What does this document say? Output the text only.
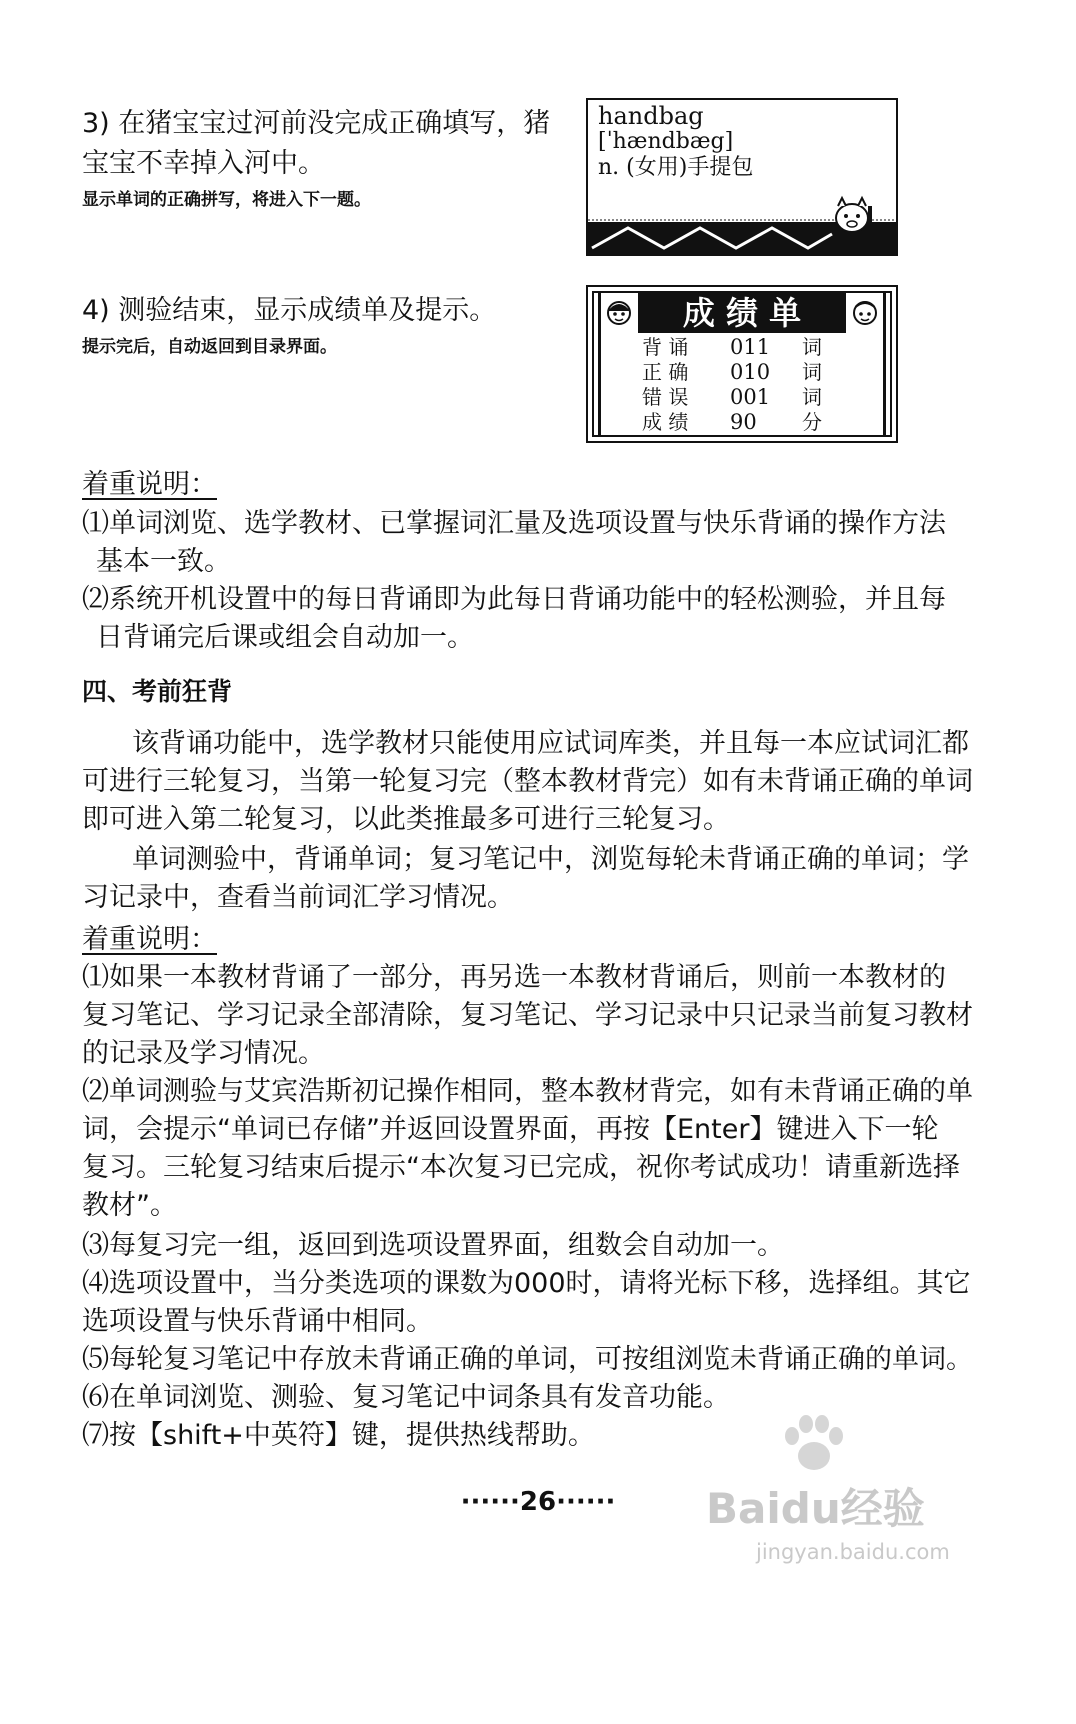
3) 在猪宝宝过河前没完成正确填写，猪
宝宝不幸掉入河中。
显示单词的正确拼写，将进入下一题。
handbag
[ˈhændbæg]
n. (女用)手提包
4) 测验结束，显示成绩单及提示。
提示完后，自动返回到目录界面。
成 绩 单
背 诵	011	词
正 确	010	词
错 误	001	词
成 绩	90	分
着重说明：
⑴单词浏览、选学教材、已掌握词汇量及选项设置与快乐背诵的操作方法
基本一致。
⑵系统开机设置中的每日背诵即为此每日背诵功能中的轻松测验，并且每
日背诵完后课或组会自动加一。
四、考前狂背
该背诵功能中，选学教材只能使用应试词库类，并且每一本应试词汇都
可进行三轮复习，当第一轮复习完（整本教材背完）如有未背诵正确的单词
即可进入第二轮复习，以此类推最多可进行三轮复习。
单词测验中，背诵单词；复习笔记中，浏览每轮未背诵正确的单词；学
习记录中，查看当前词汇学习情况。
着重说明：
⑴如果一本教材背诵了一部分，再另选一本教材背诵后，则前一本教材的
复习笔记、学习记录全部清除，复习笔记、学习记录中只记录当前复习教材
的记录及学习情况。
⑵单词测验与艾宾浩斯初记操作相同，整本教材背完，如有未背诵正确的单
词，会提示“单词已存储”并返回设置界面，再按【Enter】键进入下一轮
复习。三轮复习结束后提示“本次复习已完成，祝你考试成功！请重新选择
教材”。
⑶每复习完一组，返回到选项设置界面，组数会自动加一。
⑷选项设置中，当分类选项的课数为000时，请将光标下移，选择组。其它
选项设置与快乐背诵中相同。
⑸每轮复习笔记中存放未背诵正确的单词，可按组浏览未背诵正确的单词。
⑹在单词浏览、测验、复习笔记中词条具有发音功能。
⑺按【shift+中英符】键，提供热线帮助。
······26······	Baidu经验
jingyan.baidu.com
